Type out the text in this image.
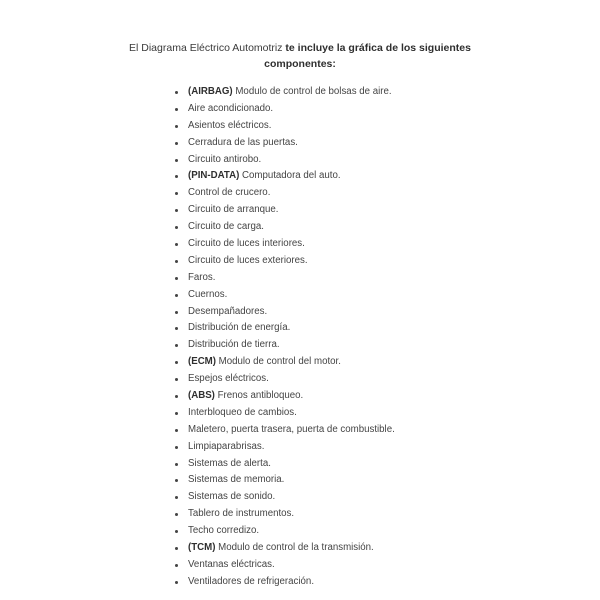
El Diagrama Eléctrico Automotriz te incluye la gráfica de los siguientes
componentes:
(AIRBAG) Modulo de control de bolsas de aire.
Aire acondicionado.
Asientos eléctricos.
Cerradura de las puertas.
Circuito antirobo.
(PIN-DATA) Computadora del auto.
Control de crucero.
Circuito de arranque.
Circuito de carga.
Circuito de luces interiores.
Circuito de luces exteriores.
Faros.
Cuernos.
Desempañadores.
Distribución de energía.
Distribución de tierra.
(ECM) Modulo de control del motor.
Espejos eléctricos.
(ABS) Frenos antibloqueo.
Interbloqueo de cambios.
Maletero, puerta trasera, puerta de combustible.
Limpiaparabrisas.
Sistemas de alerta.
Sistemas de memoria.
Sistemas de sonido.
Tablero de instrumentos.
Techo corredizo.
(TCM) Modulo de control de la transmisión.
Ventanas eléctricas.
Ventiladores de refrigeración.
